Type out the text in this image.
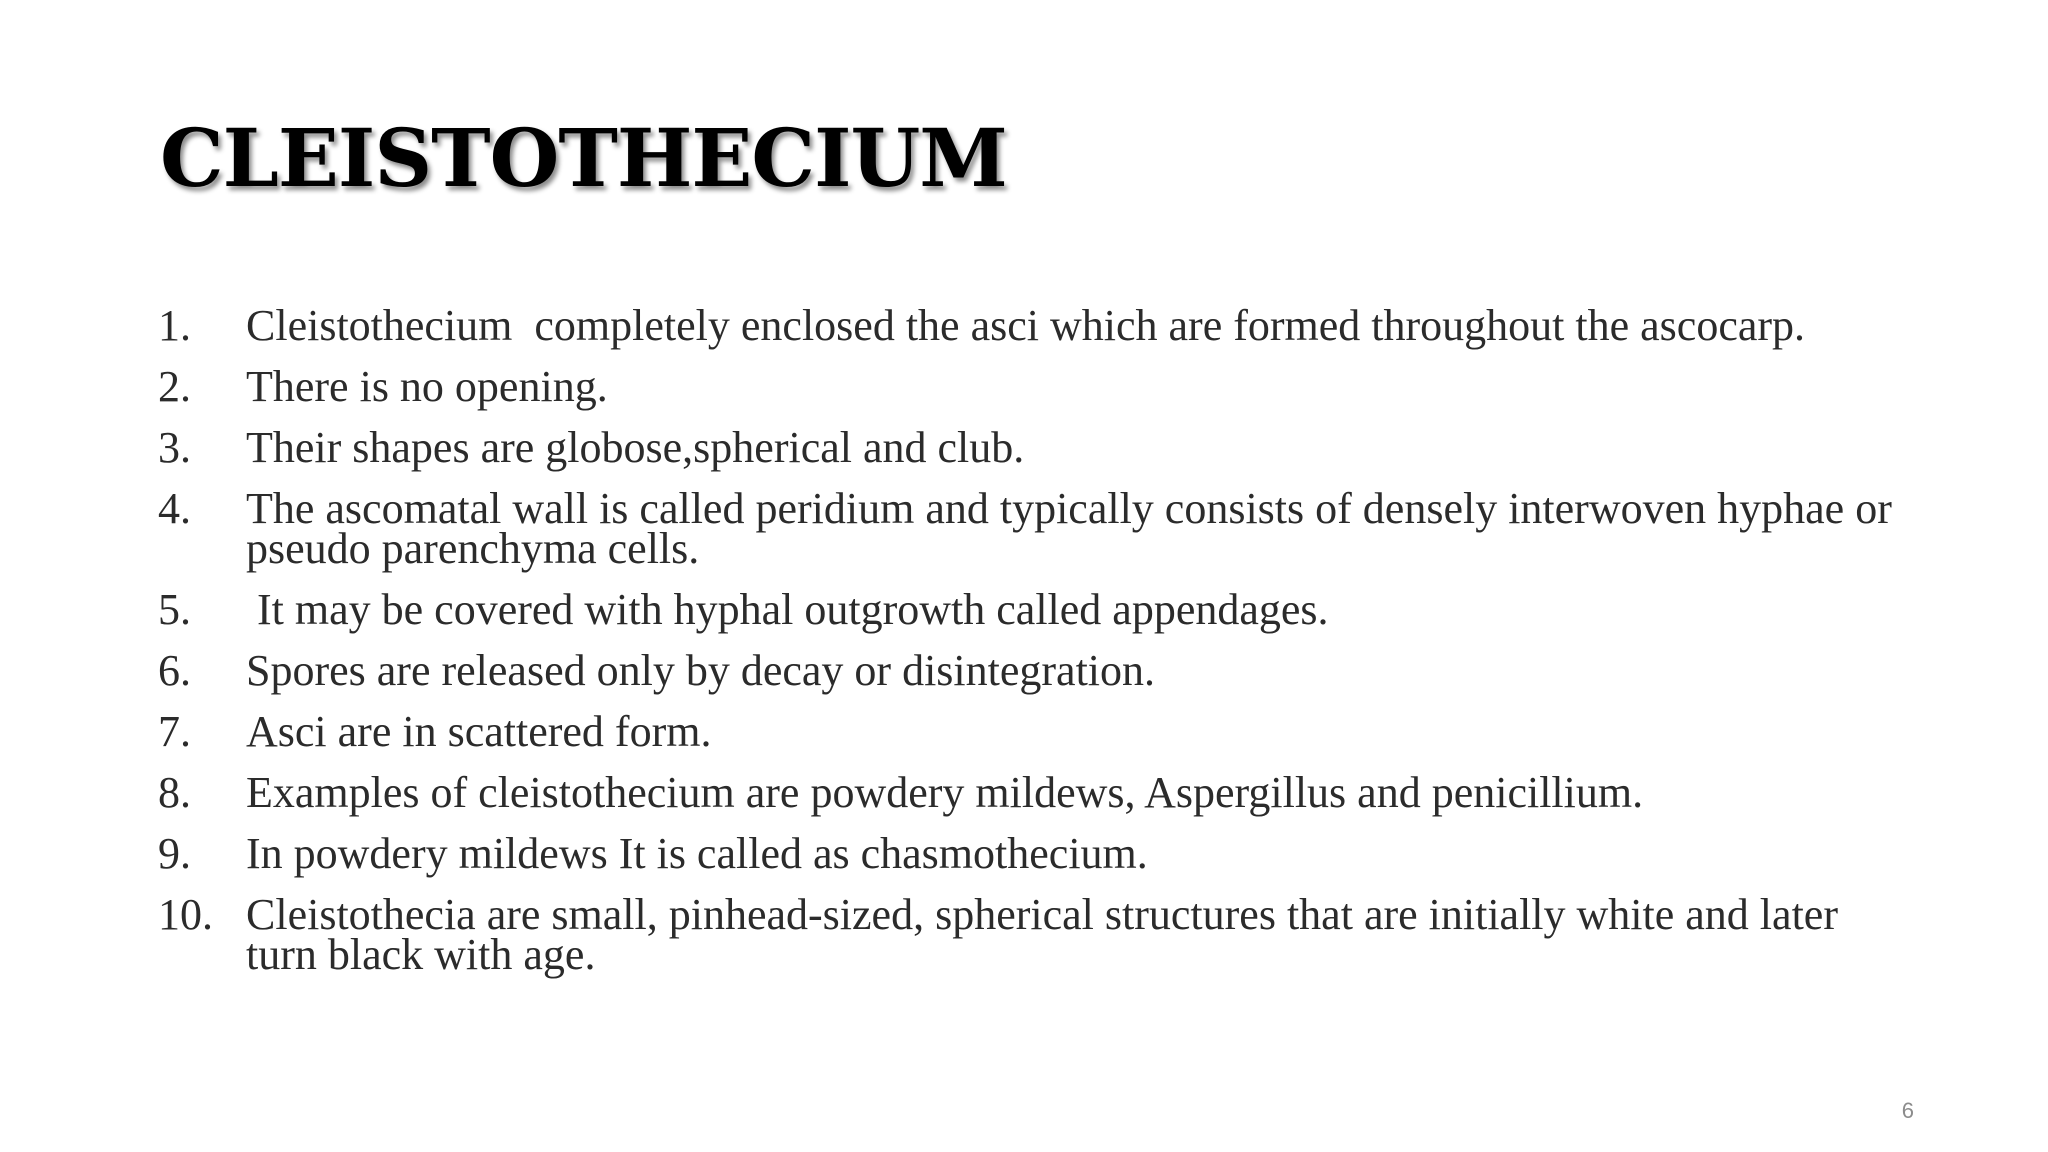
CLEISTOTHECIUM
1. Cleistothecium  completely enclosed the asci which are formed throughout the ascocarp.
2. There is no opening.
3. Their shapes are globose,spherical and club.
4. The ascomatal wall is called peridium and typically consists of densely interwoven hyphae or pseudo parenchyma cells.
5. It may be covered with hyphal outgrowth called appendages.
6. Spores are released only by decay or disintegration.
7. Asci are in scattered form.
8. Examples of cleistothecium are powdery mildews, Aspergillus and penicillium.
9. In powdery mildews It is called as chasmothecium.
10. Cleistothecia are small, pinhead-sized, spherical structures that are initially white and later turn black with age.
6
